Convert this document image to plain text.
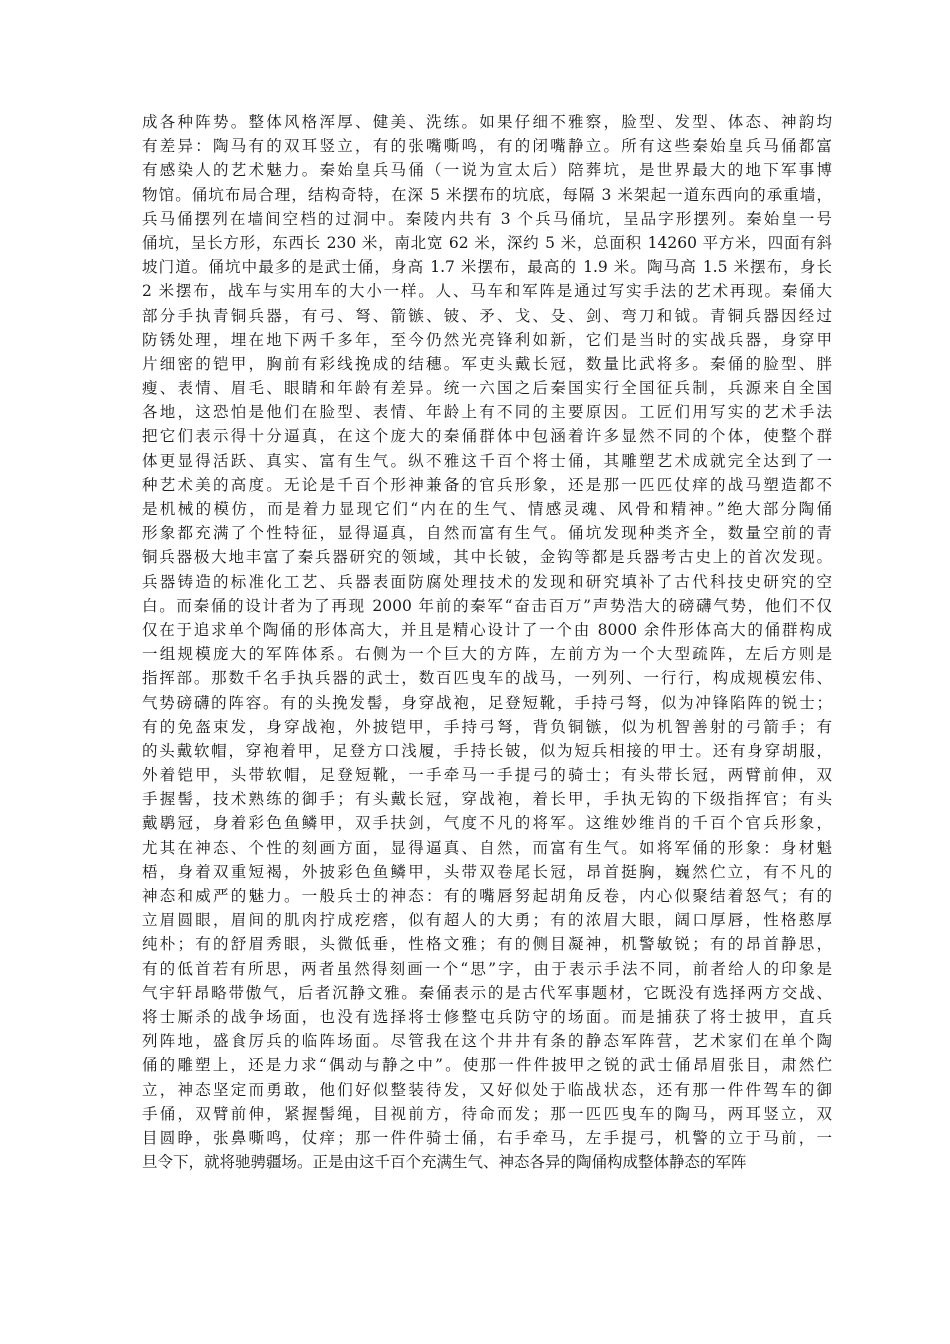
成各种阵势。整体风格浑厚、健美、洗练。如果仔细不雅察，脸型、发型、体态、神韵均
有差异：陶马有的双耳竖立，有的张嘴嘶鸣，有的闭嘴静立。所有这些秦始皇兵马俑都富
有感染人的艺术魅力。秦始皇兵马俑（一说为宣太后）陪葬坑，是世界最大的地下军事博
物馆。俑坑布局合理，结构奇特，在深 5 米摆布的坑底，每隔 3 米架起一道东西向的承重墙，
兵马俑摆列在墙间空档的过洞中。秦陵内共有 3 个兵马俑坑，呈品字形摆列。秦始皇一号
俑坑，呈长方形，东西长 230 米，南北宽 62 米，深约 5 米，总面积 14260 平方米，四面有斜
坡门道。俑坑中最多的是武士俑，身高 1.7 米摆布，最高的 1.9 米。陶马高 1.5 米摆布，身长
2 米摆布，战车与实用车的大小一样。人、马车和军阵是通过写实手法的艺术再现。秦俑大
部分手执青铜兵器，有弓、弩、箭镞、铍、矛、戈、殳、剑、弯刀和钺。青铜兵器因经过
防锈处理，埋在地下两千多年，至今仍然光亮锋利如新，它们是当时的实战兵器，身穿甲
片细密的铠甲，胸前有彩线挽成的结穗。军吏头戴长冠，数量比武将多。秦俑的脸型、胖
瘦、表情、眉毛、眼睛和年龄有差异。统一六国之后秦国实行全国征兵制，兵源来自全国
各地，这恐怕是他们在脸型、表情、年龄上有不同的主要原因。工匠们用写实的艺术手法
把它们表示得十分逼真，在这个庞大的秦俑群体中包涵着许多显然不同的个体，使整个群
体更显得活跃、真实、富有生气。纵不雅这千百个将士俑，其雕塑艺术成就完全达到了一
种艺术美的高度。无论是千百个形神兼备的官兵形象，还是那一匹匹仗痒的战马塑造都不
是机械的模仿，而是着力显现它们“内在的生气、情感灵魂、风骨和精神。”绝大部分陶俑
形象都充满了个性特征，显得逼真，自然而富有生气。俑坑发现种类齐全，数量空前的青
铜兵器极大地丰富了秦兵器研究的领域，其中长铍，金钩等都是兵器考古史上的首次发现。
兵器铸造的标准化工艺、兵器表面防腐处理技术的发现和研究填补了古代科技史研究的空
白。而秦俑的设计者为了再现 2000 年前的秦军“奋击百万”声势浩大的磅礴气势，他们不仅
仅在于追求单个陶俑的形体高大，并且是精心设计了一个由 8000 余件形体高大的俑群构成
一组规模庞大的军阵体系。右侧为一个巨大的方阵，左前方为一个大型疏阵，左后方则是
指挥部。那数千名手执兵器的武士，数百匹曳车的战马，一列列、一行行，构成规模宏伟、
气势磅礴的阵容。有的头挽发髻，身穿战袍，足登短靴，手持弓弩，似为冲锋陷阵的锐士；
有的免盔束发，身穿战袍，外披铠甲，手持弓弩，背负铜镞，似为机智善射的弓箭手；有
的头戴软帽，穿袍着甲，足登方口浅履，手持长铍，似为短兵相接的甲士。还有身穿胡服，
外着铠甲，头带软帽，足登短靴，一手牵马一手提弓的骑士；有头带长冠，两臂前伸，双
手握髻，技术熟练的御手；有头戴长冠，穿战袍，着长甲，手执无钩的下级指挥官；有头
戴鹖冠，身着彩色鱼鳞甲，双手扶剑，气度不凡的将军。这维妙维肖的千百个官兵形象，
尤其在神态、个性的刻画方面，显得逼真、自然，而富有生气。如将军俑的形象：身材魁
梧，身着双重短褐，外披彩色鱼鳞甲，头带双卷尾长冠，昂首挺胸，巍然伫立，有不凡的
神态和威严的魅力。一般兵士的神态：有的嘴唇努起胡角反卷，内心似聚结着怒气；有的
立眉圆眼，眉间的肌肉拧成疙瘩，似有超人的大勇；有的浓眉大眼，阔口厚唇，性格憨厚
纯朴；有的舒眉秀眼，头微低垂，性格文雅；有的侧目凝神，机警敏锐；有的昂首静思，
有的低首若有所思，两者虽然得刻画一个“思”字，由于表示手法不同，前者给人的印象是
气宇轩昂略带傲气，后者沉静文雅。秦俑表示的是古代军事题材，它既没有选择两方交战、
将士厮杀的战争场面，也没有选择将士修整屯兵防守的场面。而是捕获了将士披甲，直兵
列阵地，盛食厉兵的临阵场面。尽管我在这个井井有条的静态军阵营，艺术家们在单个陶
俑的雕塑上，还是力求“偶动与静之中”。使那一件件披甲之锐的武士俑昂眉张目，肃然伫
立，神态坚定而勇敢，他们好似整装待发，又好似处于临战状态，还有那一件件驾车的御
手俑，双臂前伸，紧握髻绳，目视前方，待命而发；那一匹匹曳车的陶马，两耳竖立，双
目圆睁，张鼻嘶鸣，仗痒；那一件件骑士俑，右手牵马，左手提弓，机警的立于马前，一
旦令下，就将驰骋疆场。正是由这千百个充满生气、神态各异的陶俑构成整体静态的军阵
